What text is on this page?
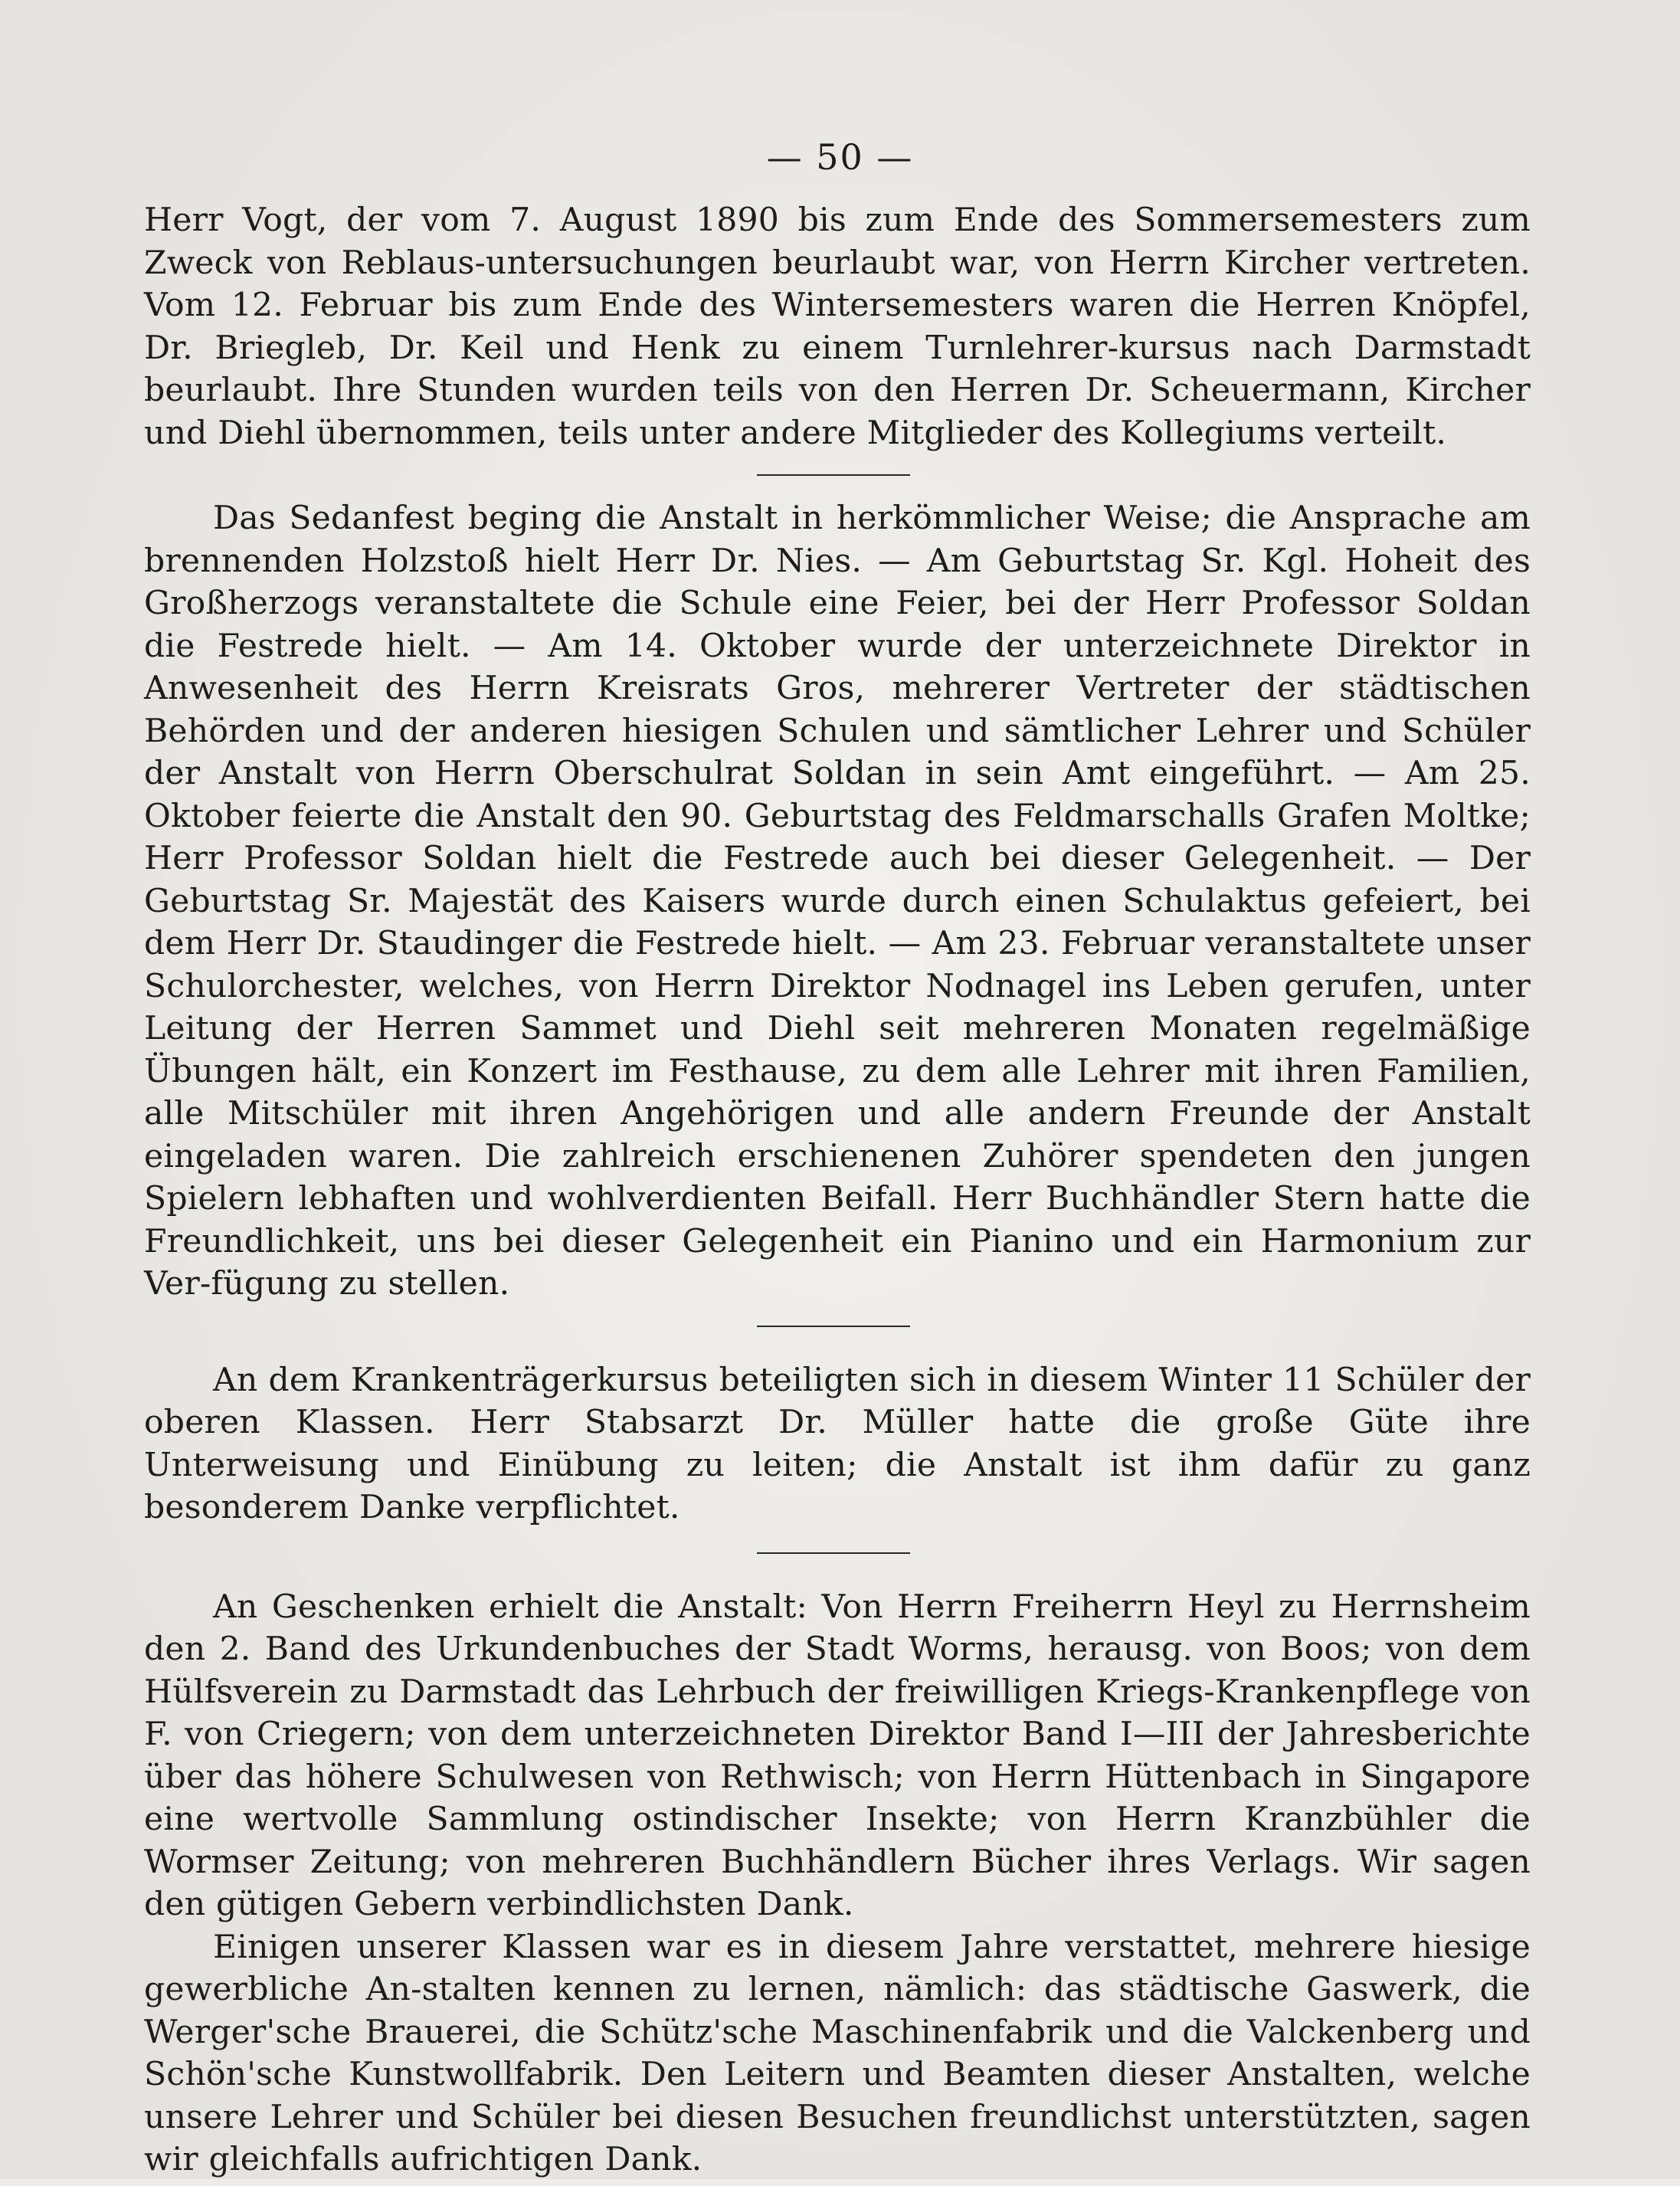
— 50 —

Herr Vogt, der vom 7. August 1890 bis zum Ende des Sommersemesters zum Zweck von Reblaus-untersuchungen beurlaubt war, von Herrn Kircher vertreten. Vom 12. Februar bis zum Ende des Wintersemesters waren die Herren Knöpfel, Dr. Briegleb, Dr. Keil und Henk zu einem Turnlehrer-kursus nach Darmstadt beurlaubt. Ihre Stunden wurden teils von den Herren Dr. Scheuermann, Kircher und Diehl übernommen, teils unter andere Mitglieder des Kollegiums verteilt.

Das Sedanfest beging die Anstalt in herkömmlicher Weise; die Ansprache am brennenden Holzstoß hielt Herr Dr. Nies. — Am Geburtstag Sr. Kgl. Hoheit des Großherzogs veranstaltete die Schule eine Feier, bei der Herr Professor Soldan die Festrede hielt. — Am 14. Oktober wurde der unterzeichnete Direktor in Anwesenheit des Herrn Kreisrats Gros, mehrerer Vertreter der städtischen Behörden und der anderen hiesigen Schulen und sämtlicher Lehrer und Schüler der Anstalt von Herrn Oberschulrat Soldan in sein Amt eingeführt. — Am 25. Oktober feierte die Anstalt den 90. Geburtstag des Feldmarschalls Grafen Moltke; Herr Professor Soldan hielt die Festrede auch bei dieser Gelegenheit. — Der Geburtstag Sr. Majestät des Kaisers wurde durch einen Schulaktus gefeiert, bei dem Herr Dr. Staudinger die Festrede hielt. — Am 23. Februar veranstaltete unser Schulorchester, welches, von Herrn Direktor Nodnagel ins Leben gerufen, unter Leitung der Herren Sammet und Diehl seit mehreren Monaten regelmäßige Übungen hält, ein Konzert im Festhause, zu dem alle Lehrer mit ihren Familien, alle Mitschüler mit ihren Angehörigen und alle andern Freunde der Anstalt eingeladen waren. Die zahlreich erschienenen Zuhörer spendeten den jungen Spielern lebhaften und wohlverdienten Beifall. Herr Buchhändler Stern hatte die Freundlichkeit, uns bei dieser Gelegenheit ein Pianino und ein Harmonium zur Ver-fügung zu stellen.

An dem Krankenträgerkursus beteiligten sich in diesem Winter 11 Schüler der oberen Klassen. Herr Stabsarzt Dr. Müller hatte die große Güte ihre Unterweisung und Einübung zu leiten; die Anstalt ist ihm dafür zu ganz besonderem Danke verpflichtet.

An Geschenken erhielt die Anstalt: Von Herrn Freiherrn Heyl zu Herrnsheim den 2. Band des Urkundenbuches der Stadt Worms, herausg. von Boos; von dem Hülfsverein zu Darmstadt das Lehrbuch der freiwilligen Kriegs-Krankenpflege von F. von Criegern; von dem unterzeichneten Direktor Band I—III der Jahresberichte über das höhere Schulwesen von Rethwisch; von Herrn Hüttenbach in Singapore eine wertvolle Sammlung ostindischer Insekte; von Herrn Kranzbühler die Wormser Zeitung; von mehreren Buchhändlern Bücher ihres Verlags. Wir sagen den gütigen Gebern verbindlichsten Dank.

Einigen unserer Klassen war es in diesem Jahre verstattet, mehrere hiesige gewerbliche An-stalten kennen zu lernen, nämlich: das städtische Gaswerk, die Werger'sche Brauerei, die Schütz'sche Maschinenfabrik und die Valckenberg und Schön'sche Kunstwollfabrik. Den Leitern und Beamten dieser Anstalten, welche unsere Lehrer und Schüler bei diesen Besuchen freundlichst unterstützten, sagen wir gleichfalls aufrichtigen Dank.
